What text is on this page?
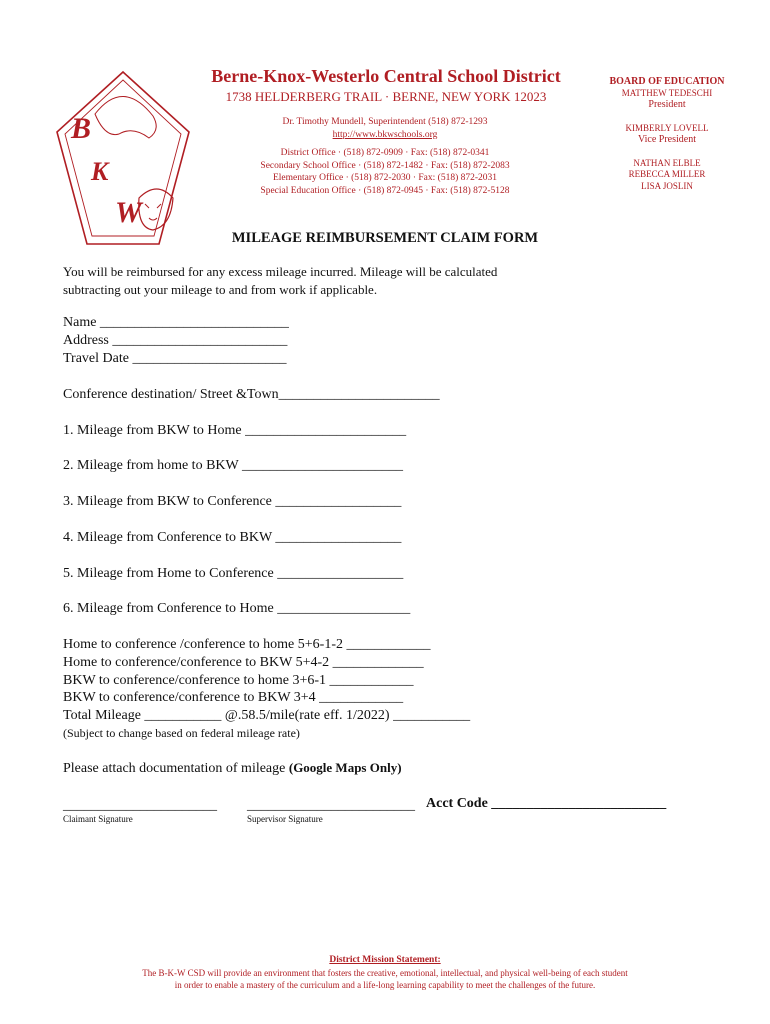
B
K
W
Berne-Knox-Westerlo Central School District
1738 HELDERBERG TRAIL · BERNE, NEW YORK 12023
Dr. Timothy Mundell, Superintendent (518) 872-1293
http://www.bkwschools.org
District Office · (518) 872-0909 · Fax: (518) 872-0341
Secondary School Office · (518) 872-1482 · Fax: (518) 872-2083
Elementary Office · (518) 872-2030 · Fax: (518) 872-2031
Special Education Office · (518) 872-0945 · Fax: (518) 872-5128
BOARD OF EDUCATION
MATTHEW TEDESCHI
President
KIMBERLY LOVELL
Vice President
NATHAN ELBLE
REBECCA MILLER
LISA JOSLIN
MILEAGE REIMBURSEMENT CLAIM FORM
You will be reimbursed for any excess mileage incurred. Mileage will be calculated
subtracting out your mileage to and from work if applicable.
Name ___________________________
Address _________________________
Travel Date ______________________
Conference destination/ Street &Town_______________________
1. Mileage from BKW to Home _______________________
2. Mileage from home to BKW _______________________
3. Mileage from BKW to Conference __________________
4. Mileage from Conference to BKW __________________
5. Mileage from Home to Conference __________________
6. Mileage from Conference to Home ___________________
Home to conference /conference to home 5+6-1-2 ____________
Home to conference/conference to BKW 5+4-2 _____________
BKW to conference/conference to home 3+6-1 ____________
BKW to conference/conference to BKW 3+4 ____________
Total Mileage ___________ @.58.5/mile(rate eff. 1/2022) ___________
(Subject to change based on federal mileage rate)
Please attach documentation of mileage (Google Maps Only)
______________________ ________________________ Acct Code _________________________
Claimant Signature	Supervisor Signature
District Mission Statement:
The B-K-W CSD will provide an environment that fosters the creative, emotional, intellectual, and physical well-being of each student
in order to enable a mastery of the curriculum and a life-long learning capability to meet the challenges of the future.
